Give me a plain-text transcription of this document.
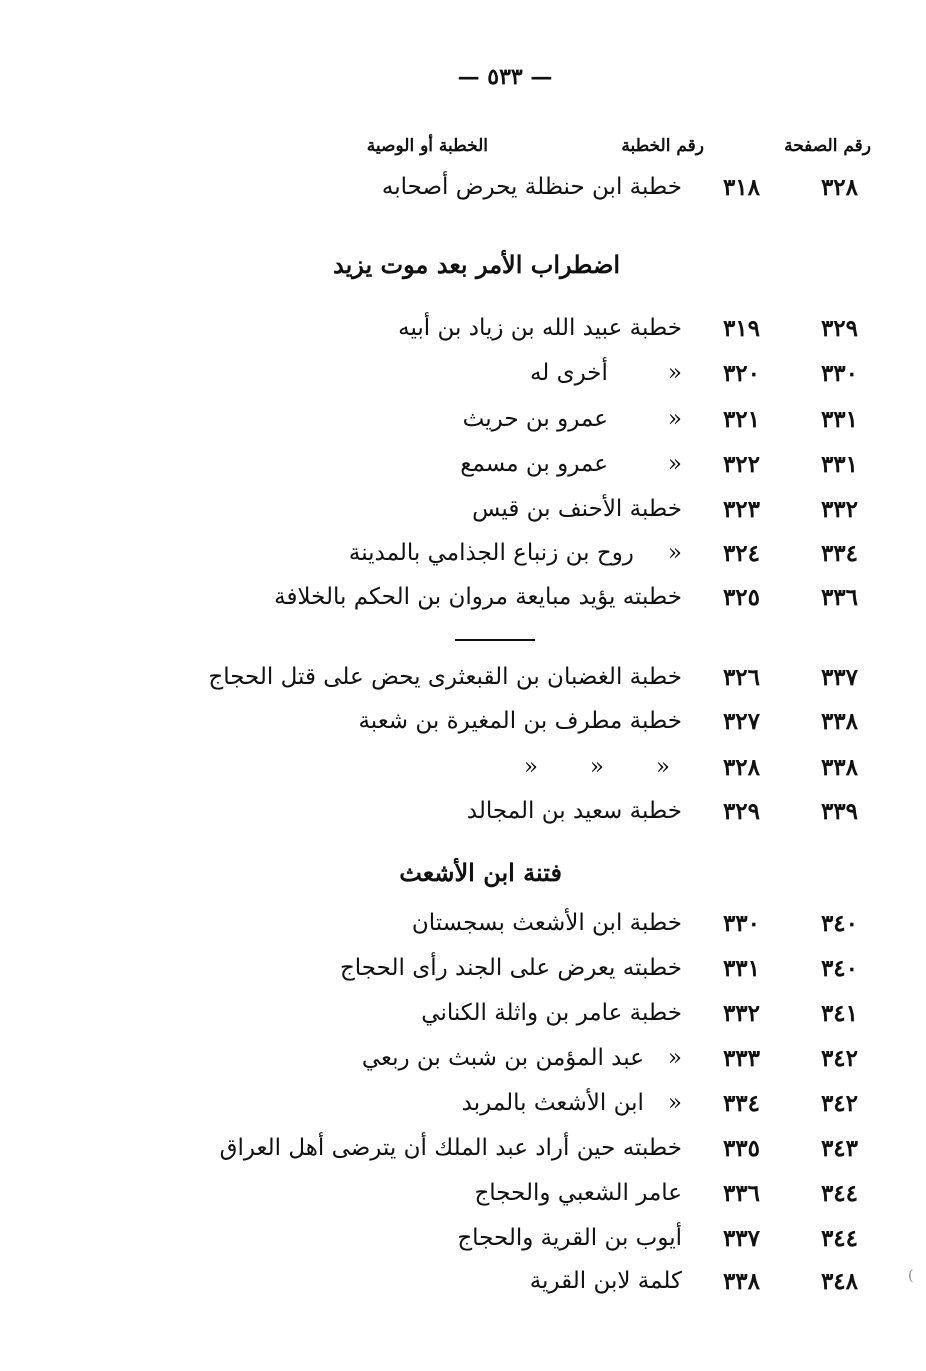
— ٥٣٣ —
رقم الصفحة
رقم الخطبة
الخطبة أو الوصية
٣٢٨
٣١٨
خطبة ابن حنظلة يحرض أصحابه
اضطراب الأمر بعد موت يزيد
٣٢٩
٣١٩
خطبة عبيد الله بن زياد بن أبيه
٣٣٠
٣٢٠
«أخرى له
٣٣١
٣٢١
«عمرو بن حريث
٣٣١
٣٢٢
«عمرو بن مسمع
٣٣٢
٣٢٣
خطبة الأحنف بن قيس
٣٣٤
٣٢٤
«روح بن زنباع الجذامي بالمدينة
٣٣٦
٣٢٥
خطبته يؤيد مبايعة مروان بن الحكم بالخلافة
٣٣٧
٣٢٦
خطبة الغضبان بن القبعثرى يحض على قتل الحجاج
٣٣٨
٣٢٧
خطبة مطرف بن المغيرة بن شعبة
٣٣٨
٣٢٨
«
«
«
٣٣٩
٣٢٩
خطبة سعيد بن المجالد
فتنة ابن الأشعث
٣٤٠
٣٣٠
خطبة ابن الأشعث بسجستان
٣٤٠
٣٣١
خطبته يعرض على الجند رأى الحجاج
٣٤١
٣٣٢
خطبة عامر بن واثلة الكناني
٣٤٢
٣٣٣
«عبد المؤمن بن شبث بن ربعي
٣٤٢
٣٣٤
«ابن الأشعث بالمربد
٣٤٣
٣٣٥
خطبته حين أراد عبد الملك أن يترضى أهل العراق
٣٤٤
٣٣٦
عامر الشعبي والحجاج
٣٤٤
٣٣٧
أيوب بن القرية والحجاج
٣٤٨
٣٣٨
كلمة لابن القرية	(
